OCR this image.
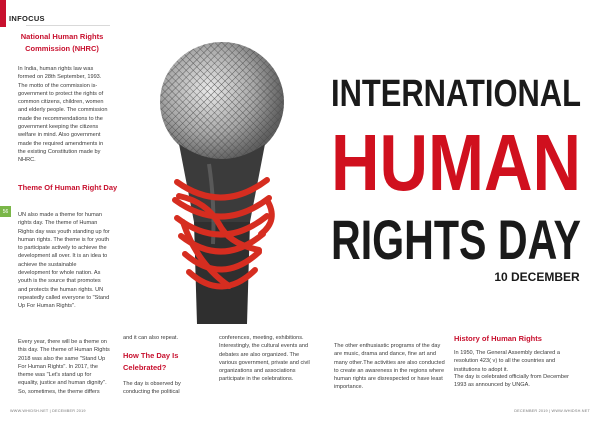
INFOCUS
National Human Rights Commission (NHRC)
In India, human rights law was formed on 28th September, 1993. The motto of the commission is- government to protect the rights of common citizens, children, women and elderly people. The commission made the recommendations to the government keeping the citizens welfare in mind. Also government made the required amendments in the existing Constitution made by NHRC.
Theme Of Human Right Day
56
UN also made a theme for human rights day. The theme of Human Rights day was youth standing up for human rights. The theme is for youth to participate actively to achieve the development all over. It is an idea to achieve the sustainable development for whole nation. As youth is the source that promotes and protects the human rights. UN repeatedly called everyone to "Stand Up For Human Rights".
Every year, there will be a theme on this day. The theme of Human Rights 2018 was also the same "Stand Up For Human Rights". In 2017, the theme was "Let's stand up for equality, justice and human dignity". So, sometimes, the theme differs
INTERNATIONAL
HUMAN
RIGHTS DAY
10 DECEMBER
and it can also repeat.
How The Day Is Celebrated?
The day is observed by conducting the political
conferences, meeting, exhibitions. Interestingly, the cultural events and debates are also organized. The various government, private and civil organizations and associations participate in the celebrations.
The other enthusiastic programs of the day are music, drama and dance, fine art and many other.The activities are also conducted to create an awareness in the regions where human rights are disrespected or have least importance.
History of Human Rights
In 1950, The General Assembly declared a resolution 423( v) to all the countries and institutions to adopt it.
The day is celebrated officially from December 1993 as announced by UNGA.
WWW.WHIDSH.NET | DECEMBER 2019	DECEMBER 2019 | WWW.WHIDSH.NET
